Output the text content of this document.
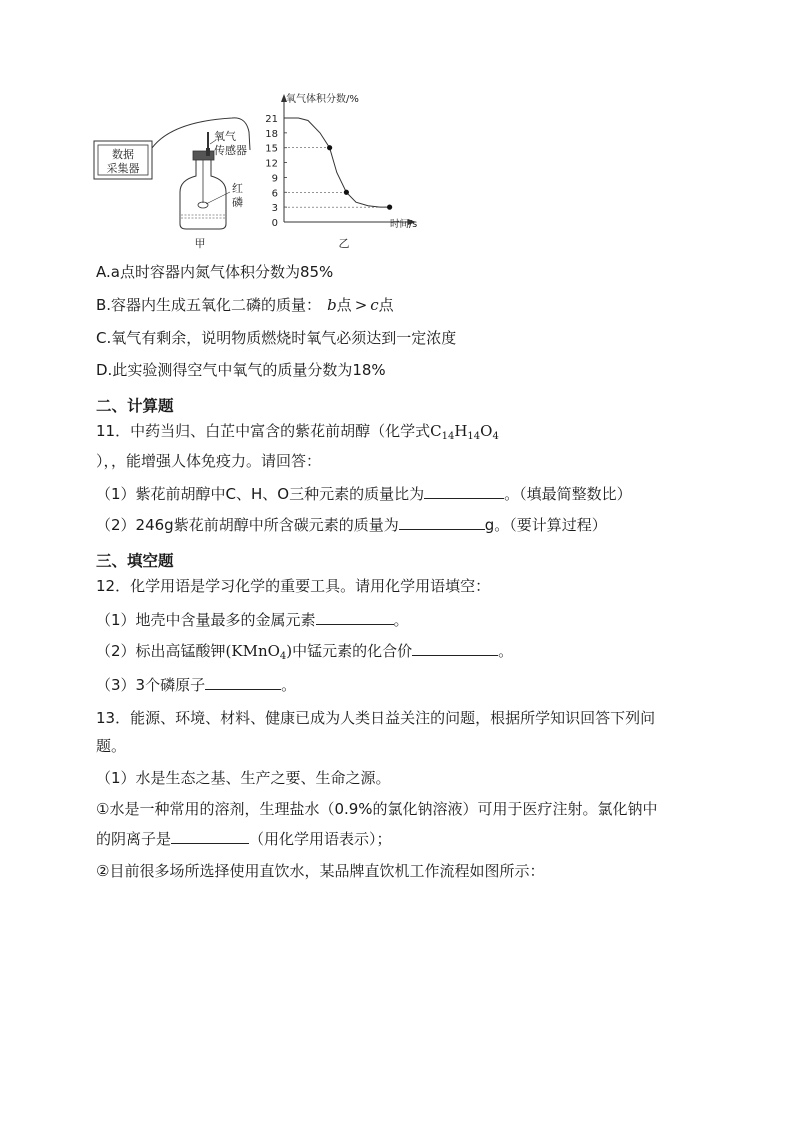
数据
采集器
氧气
传感器
红
磷
甲
氧气体积分数/%
时间/s
21
18
15
12
9
6
3
0
乙
A.a点时容器内氮气体积分数为85%
B.容器内生成五氧化二磷的质量： b点 > c点
C.氧气有剩余，说明物质燃烧时氧气必须达到一定浓度
D.此实验测得空气中氧气的质量分数为18%
二、计算题
11．中药当归、白芷中富含的紫花前胡醇（化学式$C_{14}H_{14}O_4$
），，能增强人体免疫力。请回答：
（1）紫花前胡醇中C、H、O三种元素的质量比为	。（填最简整数比）
（2）246g紫花前胡醇中所含碳元素的质量为	g。（要计算过程）
三、填空题
12．化学用语是学习化学的重要工具。请用化学用语填空：
（1）地壳中含量最多的金属元素	。
（2）标出高锰酸钾(KMnO$_4$)中锰元素的化合价	。
（3）3个磷原子	。
13．能源、环境、材料、健康已成为人类日益关注的问题，根据所学知识回答下列问
题。
（1）水是生态之基、生产之要、生命之源。
①水是一种常用的溶剂，生理盐水（0.9%的氯化钠溶液）可用于医疗注射。氯化钠中
的阴离子是	（用化学用语表示）；
②目前很多场所选择使用直饮水，某品牌直饮机工作流程如图所示：
